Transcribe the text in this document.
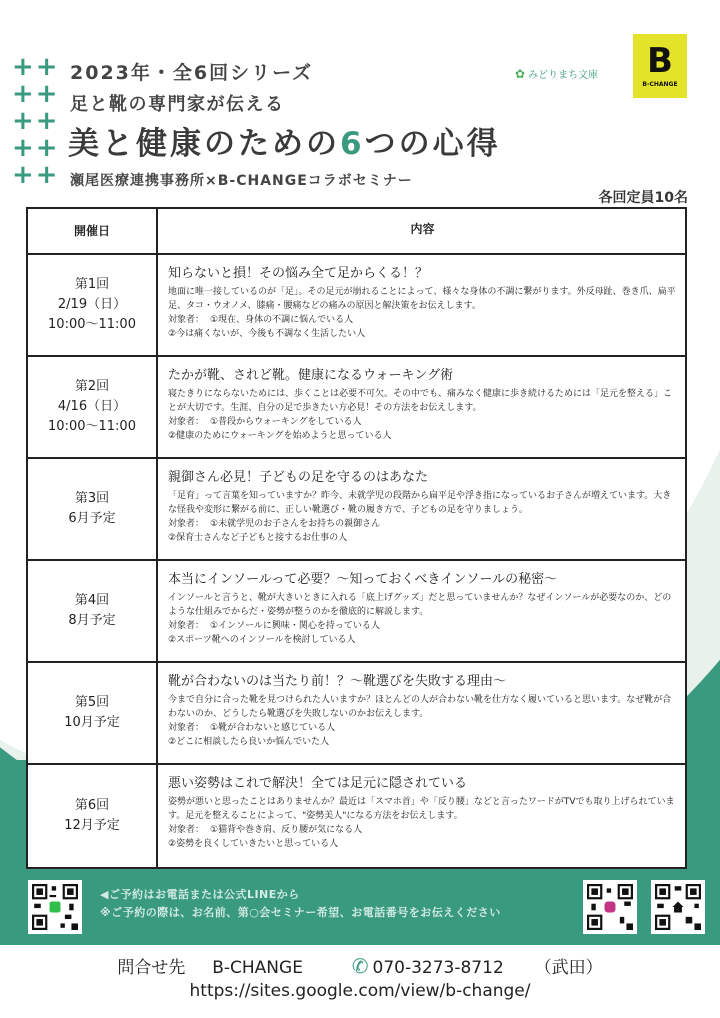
主催：（株）瀬尾医療連携事務所・B-CHANGE
++
++
++
++
++
2023年・全6回シリーズ
足と靴の専門家が伝える
美と健康のための6つの心得
瀬尾医療連携事務所×B-CHANGEコラボセミナー
✿ みどりまち文庫 B
B-CHANGE
各回定員10名
開催日	内容
第1回
2/19（日）
10:00〜11:00
知らないと損！その悩み全て足からくる！？
地面に唯一接しているのが「足」。その足元が崩れることによって、様々な身体の不調に繋がります。外反母趾、巻き爪、扁平足、タコ・ウオノメ、膝痛・腰痛などの痛みの原因と解決策をお伝えします。
対象者： ①現在、身体の不調に悩んでいる人
②今は痛くないが、今後も不調なく生活したい人
第2回
4/16（日）
10:00〜11:00
たかが靴、されど靴。健康になるウォーキング術
寝たきりにならないためには、歩くことは必要不可欠。その中でも、痛みなく健康に歩き続けるためには「足元を整える」ことが大切です。生涯、自分の足で歩きたい方必見！その方法をお伝えします。
対象者： ①普段からウォーキングをしている人
②健康のためにウォーキングを始めようと思っている人
第3回
6月予定
親御さん必見！子どもの足を守るのはあなた
「足育」って言葉を知っていますか？昨今、未就学児の段階から扁平足や浮き指になっているお子さんが増えています。大きな怪我や変形に繋がる前に、正しい靴選び・靴の履き方で、子どもの足を守りましょう。
対象者： ①未就学児のお子さんをお持ちの親御さん
②保育士さんなど子どもと接するお仕事の人
第4回
8月予定
本当にインソールって必要？〜知っておくべきインソールの秘密〜
インソールと言うと、靴が大きいときに入れる「底上げグッズ」だと思っていませんか？なぜインソールが必要なのか、どのような仕組みでからだ・姿勢が整うのかを徹底的に解説します。
対象者： ①インソールに興味・関心を持っている人
②スポーツ靴へのインソールを検討している人
第5回
10月予定
靴が合わないのは当たり前！？〜靴選びを失敗する理由〜
今まで自分に合った靴を見つけられた人いますか？ほとんどの人が合わない靴を仕方なく履いていると思います。なぜ靴が合わないのか、どうしたら靴選びを失敗しないのかお伝えします。
対象者： ①靴が合わないと感じている人
②どこに相談したら良いか悩んでいた人
第6回
12月予定
悪い姿勢はこれで解決！全ては足元に隠されている
姿勢が悪いと思ったことはありませんか？最近は「スマホ首」や「反り腰」などと言ったワードがTVでも取り上げられています。足元を整えることによって、"姿勢美人"になる方法をお伝えします。
対象者： ①猫背や巻き肩、反り腰が気になる人
②姿勢を良くしていきたいと思っている人
◀ご予約はお電話または公式LINEから
※ご予約の際は、お名前、第○会セミナー希望、お電話番号をお伝えください
問合せ先 B-CHANGE ✆ 070-3273-8712 （武田）
https://sites.google.com/view/b-change/
